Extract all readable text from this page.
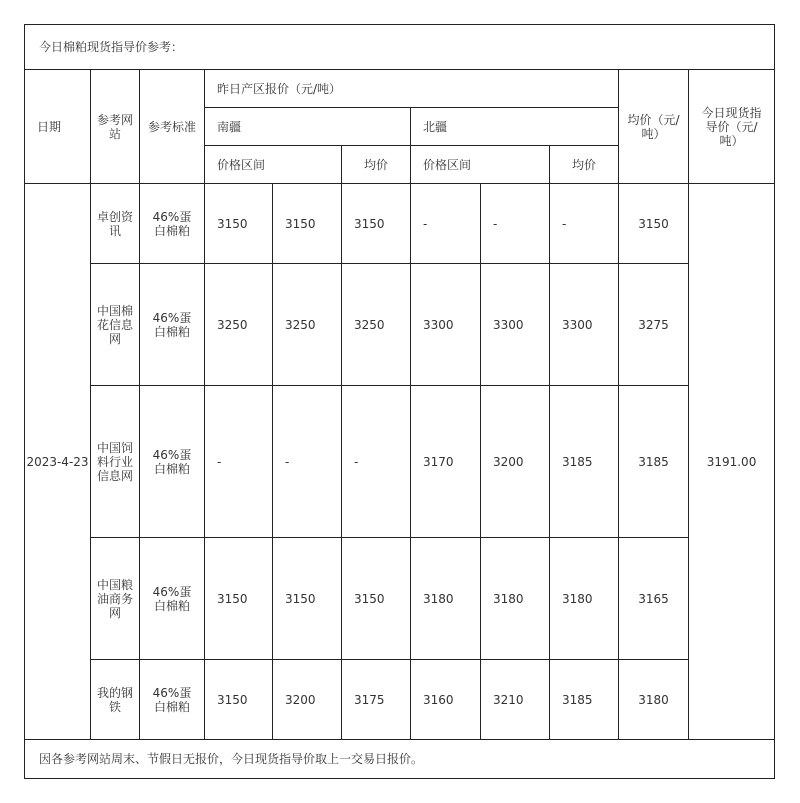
今日棉粕现货指导价参考：										
日期	参考网站	参考标准	昨日产区报价（元/吨）						均价（元/吨）	今日现货指导价（元/吨）
			南疆			北疆				
			价格区间		均价	价格区间		均价		
2023-4-23	卓创资讯	46%蛋白棉粕	3150	3150	3150	-	-	-	3150	3191.00
	中国棉花信息网	46%蛋白棉粕	3250	3250	3250	3300	3300	3300	3275	
	中国饲料行业信息网	46%蛋白棉粕	-	-	-	3170	3200	3185	3185	
	中国粮油商务网	46%蛋白棉粕	3150	3150	3150	3180	3180	3180	3165	
	我的钢铁	46%蛋白棉粕	3150	3200	3175	3160	3210	3185	3180	
因各参考网站周末、节假日无报价，今日现货指导价取上一交易日报价。										
